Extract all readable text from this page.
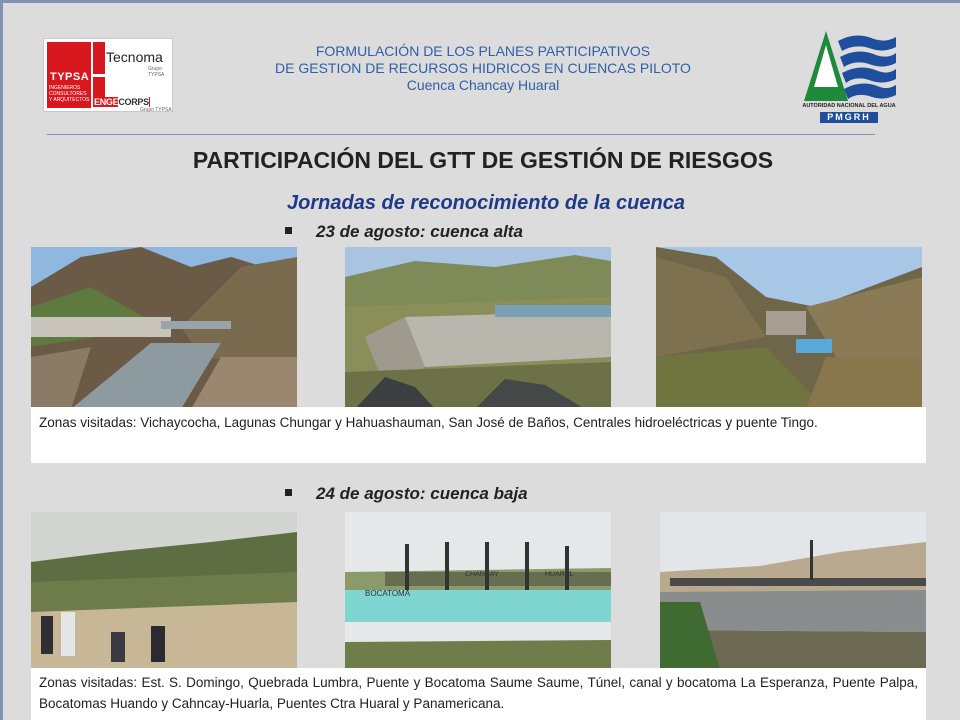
TYPSA
INGENIEROS CONSULTORES Y ARQUITECTOS
Tecnoma
Grupo TYPSA
ENGECORPS
Grupo TYPSA
FORMULACIÓN DE LOS PLANES PARTICIPATIVOS
DE GESTION DE RECURSOS HIDRICOS EN CUENCAS PILOTO
Cuenca Chancay Huaral
AUTORIDAD NACIONAL DEL AGUA
PMGRH
PARTICIPACIÓN DEL GTT DE GESTIÓN DE RIESGOS
Jornadas de reconocimiento de la cuenca
23 de agosto: cuenca alta
Zonas visitadas: Vichaycocha, Lagunas Chungar y Hahuashauman, San José de Baños, Centrales hidroeléctricas y puente Tingo.
24 de agosto: cuenca baja
BOCATOMA
CHANCAY	HUARAL
Zonas visitadas: Est. S. Domingo, Quebrada Lumbra, Puente y Bocatoma Saume Saume, Túnel, canal y bocatoma La Esperanza, Puente Palpa, Bocatomas Huando y Cahncay-Huarla, Puentes Ctra Huaral y Panamericana.
